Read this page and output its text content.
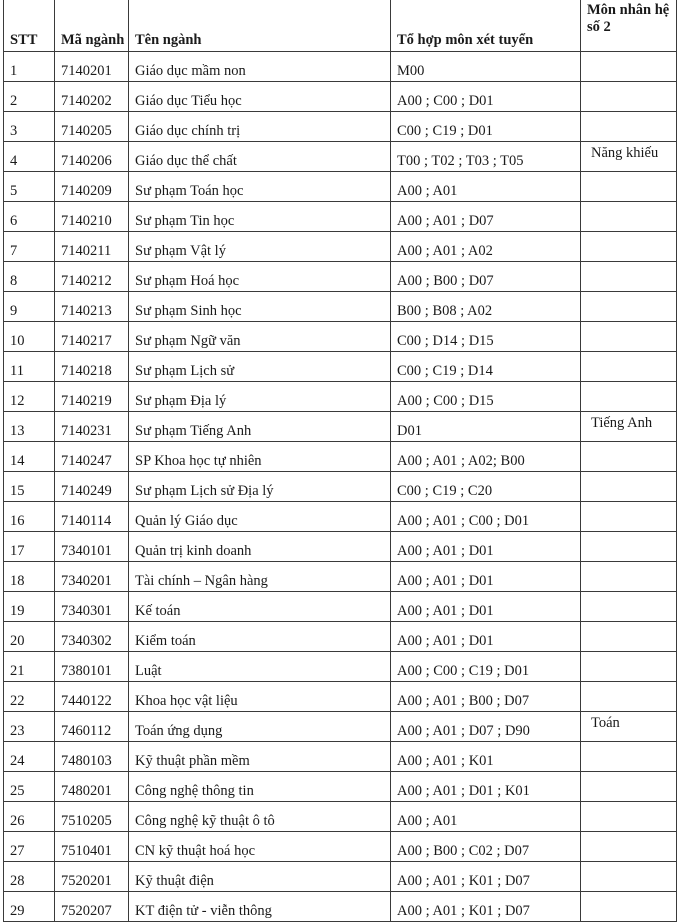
STT	Mã ngành	Tên ngành	Tổ hợp môn xét tuyển	Môn nhân hệ số 2
1	7140201	Giáo dục mầm non	M00	
2	7140202	Giáo dục Tiểu học	A00 ; C00 ; D01	
3	7140205	Giáo dục chính trị	C00 ; C19 ; D01	
4	7140206	Giáo dục thể chất	T00 ; T02 ; T03 ; T05	Năng khiếu
5	7140209	Sư phạm Toán học	A00 ; A01	
6	7140210	Sư phạm Tin học	A00 ; A01 ; D07	
7	7140211	Sư phạm Vật lý	A00 ; A01 ; A02	
8	7140212	Sư phạm Hoá học	A00 ; B00 ; D07	
9	7140213	Sư phạm Sinh học	B00 ; B08 ; A02	
10	7140217	Sư phạm Ngữ văn	C00 ; D14 ; D15	
11	7140218	Sư phạm Lịch sử	C00 ; C19 ; D14	
12	7140219	Sư phạm Địa lý	A00 ; C00 ; D15	
13	7140231	Sư phạm Tiếng Anh	D01	Tiếng Anh
14	7140247	SP Khoa học tự nhiên	A00 ; A01 ; A02; B00	
15	7140249	Sư phạm Lịch sử Địa lý	C00 ; C19 ; C20	
16	7140114	Quản lý Giáo dục	A00 ; A01 ; C00 ; D01	
17	7340101	Quản trị kinh doanh	A00 ; A01 ; D01	
18	7340201	Tài chính – Ngân hàng	A00 ; A01 ; D01	
19	7340301	Kế toán	A00 ; A01 ; D01	
20	7340302	Kiểm toán	A00 ; A01 ; D01	
21	7380101	Luật	A00 ; C00 ; C19 ; D01	
22	7440122	Khoa học vật liệu	A00 ; A01 ; B00 ; D07	
23	7460112	Toán ứng dụng	A00 ; A01 ; D07 ; D90	Toán
24	7480103	Kỹ thuật phần mềm	A00 ; A01 ; K01	
25	7480201	Công nghệ thông tin	A00 ; A01 ; D01 ; K01	
26	7510205	Công nghệ kỹ thuật ô tô	A00 ; A01	
27	7510401	CN kỹ thuật hoá học	A00 ; B00 ; C02 ; D07	
28	7520201	Kỹ thuật điện	A00 ; A01 ; K01 ; D07	
29	7520207	KT điện tử - viễn thông	A00 ; A01 ; K01 ; D07	
